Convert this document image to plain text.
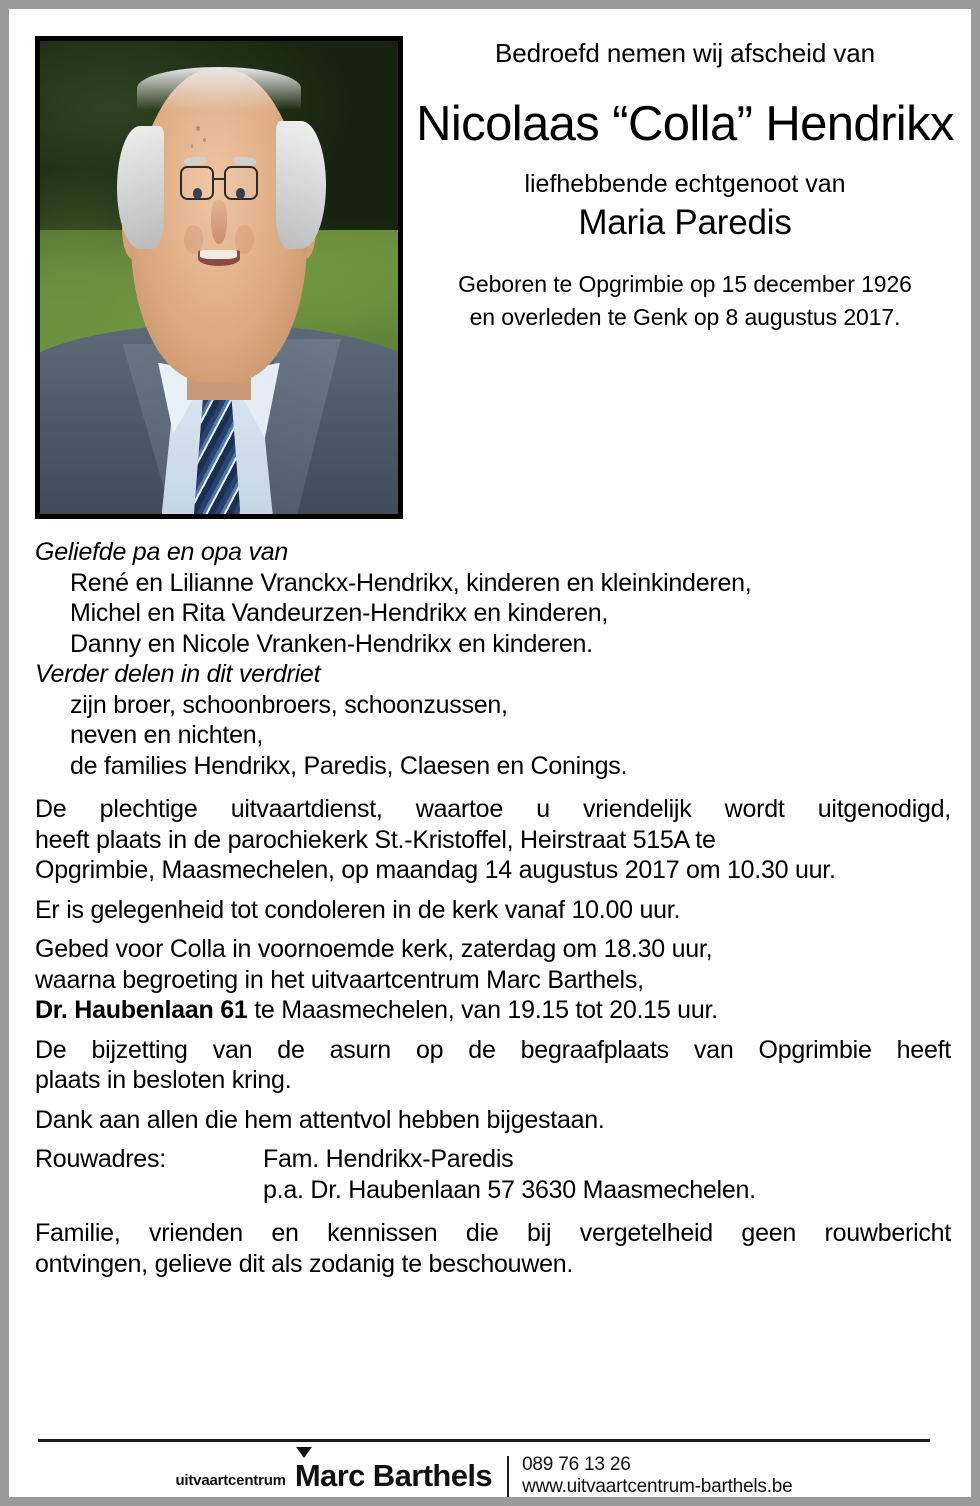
Bedroefd nemen wij afscheid van
Nicolaas “Colla” Hendrikx
liefhebbende echtgenoot van
Maria Paredis
Geboren te Opgrimbie op 15 december 1926
en overleden te Genk op 8 augustus 2017.
Geliefde pa en opa van
René en Lilianne Vranckx-Hendrikx, kinderen en kleinkinderen,
Michel en Rita Vandeurzen-Hendrikx en kinderen,
Danny en Nicole Vranken-Hendrikx en kinderen.
Verder delen in dit verdriet
zijn broer, schoonbroers, schoonzussen,
neven en nichten,
de families Hendrikx, Paredis, Claesen en Conings.
De plechtige uitvaartdienst, waartoe u vriendelijk wordt uitgenodigd,
heeft plaats in de parochiekerk St.-Kristoffel, Heirstraat 515A te
Opgrimbie, Maasmechelen, op maandag 14 augustus 2017 om 10.30 uur.
Er is gelegenheid tot condoleren in de kerk vanaf 10.00 uur.
Gebed voor Colla in voornoemde kerk, zaterdag om 18.30 uur,
waarna begroeting in het uitvaartcentrum Marc Barthels,
Dr. Haubenlaan 61 te Maasmechelen, van 19.15 tot 20.15 uur.
De bijzetting van de asurn op de begraafplaats van Opgrimbie heeft
plaats in besloten kring.
Dank aan allen die hem attentvol hebben bijgestaan.
Rouwadres:	Fam. Hendrikx-Paredis
p.a. Dr. Haubenlaan 57 3630 Maasmechelen.
Familie, vrienden en kennissen die bij vergetelheid geen rouwbericht
ontvingen, gelieve dit als zodanig te beschouwen.
uitvaartcentrum Marc Barthels 089 76 13 26
www.uitvaartcentrum-barthels.be
